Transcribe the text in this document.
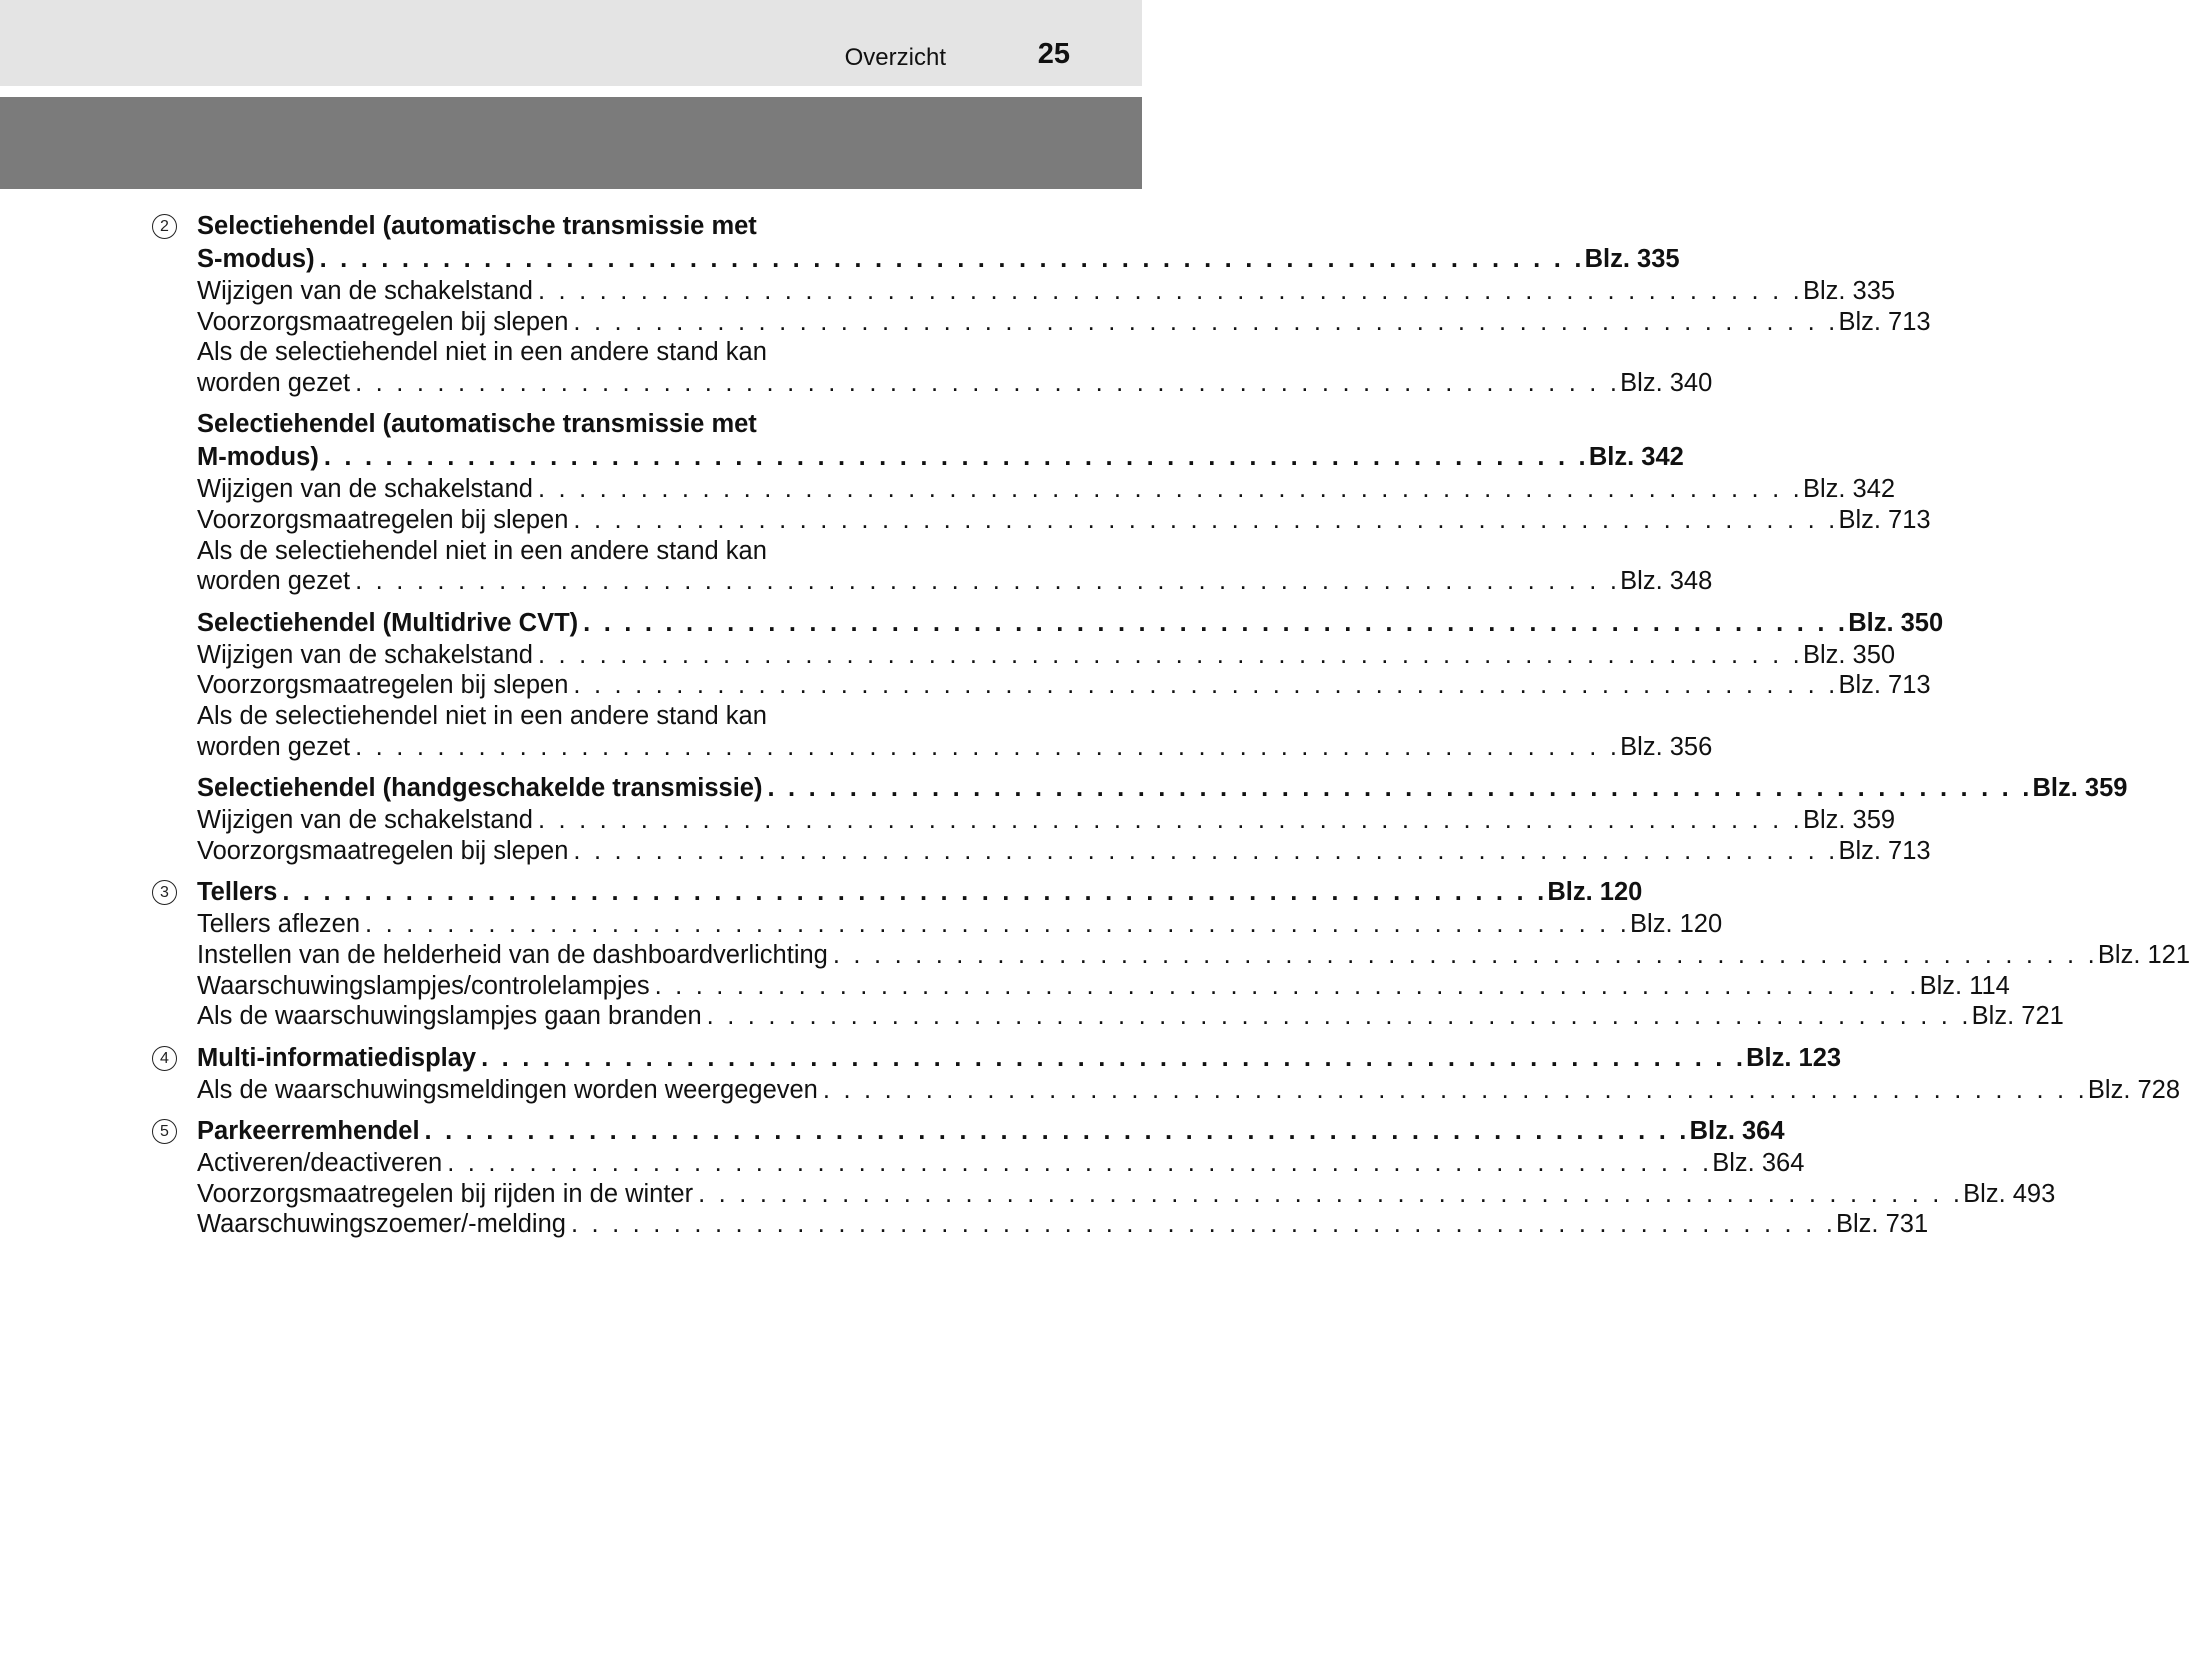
Overzicht	25
2	Selectiehendel (automatische transmissie met
S-modus) . . . . . . . . . . . . . . . . . . . . . . . . . . . . . . . . . . . . . . . . . . . . . . . . . . . . . . . . . . . . . . Blz. 335
Wijzigen van de schakelstand . . . . . . . . . . . . . . . . . . . . . . . . . . . . . . . . . . . . . . . . . . . . . . . . . . . . . . . . . . . . . . Blz. 335
Voorzorgsmaatregelen bij slepen . . . . . . . . . . . . . . . . . . . . . . . . . . . . . . . . . . . . . . . . . . . . . . . . . . . . . . . . . . . . . . Blz. 713
Als de selectiehendel niet in een andere stand kan
worden gezet . . . . . . . . . . . . . . . . . . . . . . . . . . . . . . . . . . . . . . . . . . . . . . . . . . . . . . . . . . . . . . Blz. 340
Selectiehendel (automatische transmissie met
M-modus) . . . . . . . . . . . . . . . . . . . . . . . . . . . . . . . . . . . . . . . . . . . . . . . . . . . . . . . . . . . . . . Blz. 342
Wijzigen van de schakelstand . . . . . . . . . . . . . . . . . . . . . . . . . . . . . . . . . . . . . . . . . . . . . . . . . . . . . . . . . . . . . . Blz. 342
Voorzorgsmaatregelen bij slepen . . . . . . . . . . . . . . . . . . . . . . . . . . . . . . . . . . . . . . . . . . . . . . . . . . . . . . . . . . . . . . Blz. 713
Als de selectiehendel niet in een andere stand kan
worden gezet . . . . . . . . . . . . . . . . . . . . . . . . . . . . . . . . . . . . . . . . . . . . . . . . . . . . . . . . . . . . . . Blz. 348
Selectiehendel (Multidrive CVT) . . . . . . . . . . . . . . . . . . . . . . . . . . . . . . . . . . . . . . . . . . . . . . . . . . . . . . . . . . . . . . Blz. 350
Wijzigen van de schakelstand . . . . . . . . . . . . . . . . . . . . . . . . . . . . . . . . . . . . . . . . . . . . . . . . . . . . . . . . . . . . . . Blz. 350
Voorzorgsmaatregelen bij slepen . . . . . . . . . . . . . . . . . . . . . . . . . . . . . . . . . . . . . . . . . . . . . . . . . . . . . . . . . . . . . . Blz. 713
Als de selectiehendel niet in een andere stand kan
worden gezet . . . . . . . . . . . . . . . . . . . . . . . . . . . . . . . . . . . . . . . . . . . . . . . . . . . . . . . . . . . . . . Blz. 356
Selectiehendel (handgeschakelde transmissie) . . . . . . . . . . . . . . . . . . . . . . . . . . . . . . . . . . . . . . . . . . . . . . . . . . . . . . . . . . . . . . Blz. 359
Wijzigen van de schakelstand . . . . . . . . . . . . . . . . . . . . . . . . . . . . . . . . . . . . . . . . . . . . . . . . . . . . . . . . . . . . . . Blz. 359
Voorzorgsmaatregelen bij slepen . . . . . . . . . . . . . . . . . . . . . . . . . . . . . . . . . . . . . . . . . . . . . . . . . . . . . . . . . . . . . . Blz. 713
3	Tellers . . . . . . . . . . . . . . . . . . . . . . . . . . . . . . . . . . . . . . . . . . . . . . . . . . . . . . . . . . . . . . Blz. 120
Tellers aflezen . . . . . . . . . . . . . . . . . . . . . . . . . . . . . . . . . . . . . . . . . . . . . . . . . . . . . . . . . . . . . . Blz. 120
Instellen van de helderheid van de dashboardverlichting . . . . . . . . . . . . . . . . . . . . . . . . . . . . . . . . . . . . . . . . . . . . . . . . . . . . . . . . . . . . . . Blz. 121
Waarschuwingslampjes/controlelampjes . . . . . . . . . . . . . . . . . . . . . . . . . . . . . . . . . . . . . . . . . . . . . . . . . . . . . . . . . . . . . . Blz. 114
Als de waarschuwingslampjes gaan branden . . . . . . . . . . . . . . . . . . . . . . . . . . . . . . . . . . . . . . . . . . . . . . . . . . . . . . . . . . . . . . Blz. 721
4	Multi-informatiedisplay . . . . . . . . . . . . . . . . . . . . . . . . . . . . . . . . . . . . . . . . . . . . . . . . . . . . . . . . . . . . . . Blz. 123
Als de waarschuwingsmeldingen worden weergegeven . . . . . . . . . . . . . . . . . . . . . . . . . . . . . . . . . . . . . . . . . . . . . . . . . . . . . . . . . . . . . . Blz. 728
5	Parkeerremhendel . . . . . . . . . . . . . . . . . . . . . . . . . . . . . . . . . . . . . . . . . . . . . . . . . . . . . . . . . . . . . . Blz. 364
Activeren/deactiveren . . . . . . . . . . . . . . . . . . . . . . . . . . . . . . . . . . . . . . . . . . . . . . . . . . . . . . . . . . . . . . Blz. 364
Voorzorgsmaatregelen bij rijden in de winter . . . . . . . . . . . . . . . . . . . . . . . . . . . . . . . . . . . . . . . . . . . . . . . . . . . . . . . . . . . . . . Blz. 493
Waarschuwingszoemer/-melding . . . . . . . . . . . . . . . . . . . . . . . . . . . . . . . . . . . . . . . . . . . . . . . . . . . . . . . . . . . . . . Blz. 731
